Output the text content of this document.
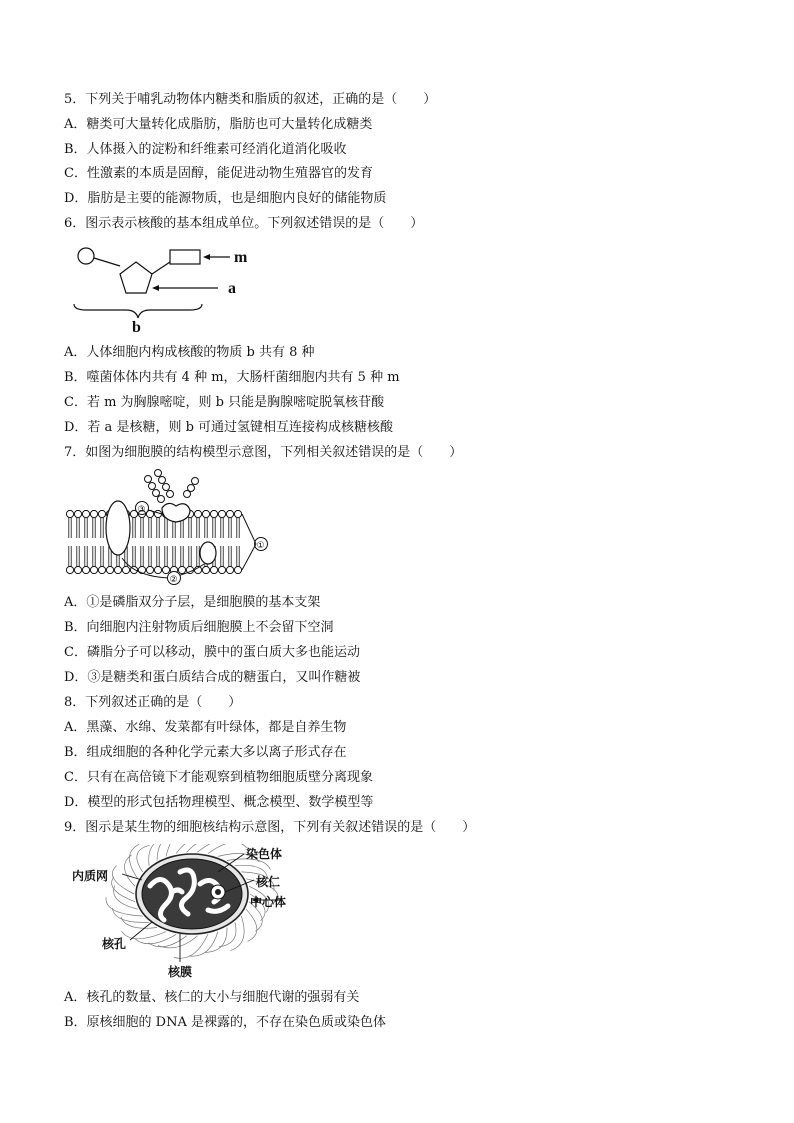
5．下列关于哺乳动物体内糖类和脂质的叙述，正确的是（　　）
A．糖类可大量转化成脂肪，脂肪也可大量转化成糖类
B．人体摄入的淀粉和纤维素可经消化道消化吸收
C．性激素的本质是固醇，能促进动物生殖器官的发育
D．脂肪是主要的能源物质，也是细胞内良好的储能物质
6．图示表示核酸的基本组成单位。下列叙述错误的是（　　）
m
a
b
A．人体细胞内构成核酸的物质 b 共有 8 种
B．噬菌体体内共有 4 种 m，大肠杆菌细胞内共有 5 种 m
C．若 m 为胸腺嘧啶，则 b 只能是胸腺嘧啶脱氧核苷酸
D．若 a 是核糖，则 b 可通过氢键相互连接构成核糖核酸
7．如图为细胞膜的结构模型示意图，下列相关叙述错误的是（　　）
③
①
②
A．①是磷脂双分子层，是细胞膜的基本支架
B．向细胞内注射物质后细胞膜上不会留下空洞
C．磷脂分子可以移动，膜中的蛋白质大多也能运动
D．③是糖类和蛋白质结合成的糖蛋白，又叫作糖被
8．下列叙述正确的是（　　）
A．黑藻、水绵、发菜都有叶绿体，都是自养生物
B．组成细胞的各种化学元素大多以离子形式存在
C．只有在高倍镜下才能观察到植物细胞质壁分离现象
D．模型的形式包括物理模型、概念模型、数学模型等
9．图示是某生物的细胞核结构示意图，下列有关叙述错误的是（　　）
染色体
内质网	核仁
中心体
核孔
核膜
A．核孔的数量、核仁的大小与细胞代谢的强弱有关
B．原核细胞的 DNA 是裸露的，不存在染色质或染色体
